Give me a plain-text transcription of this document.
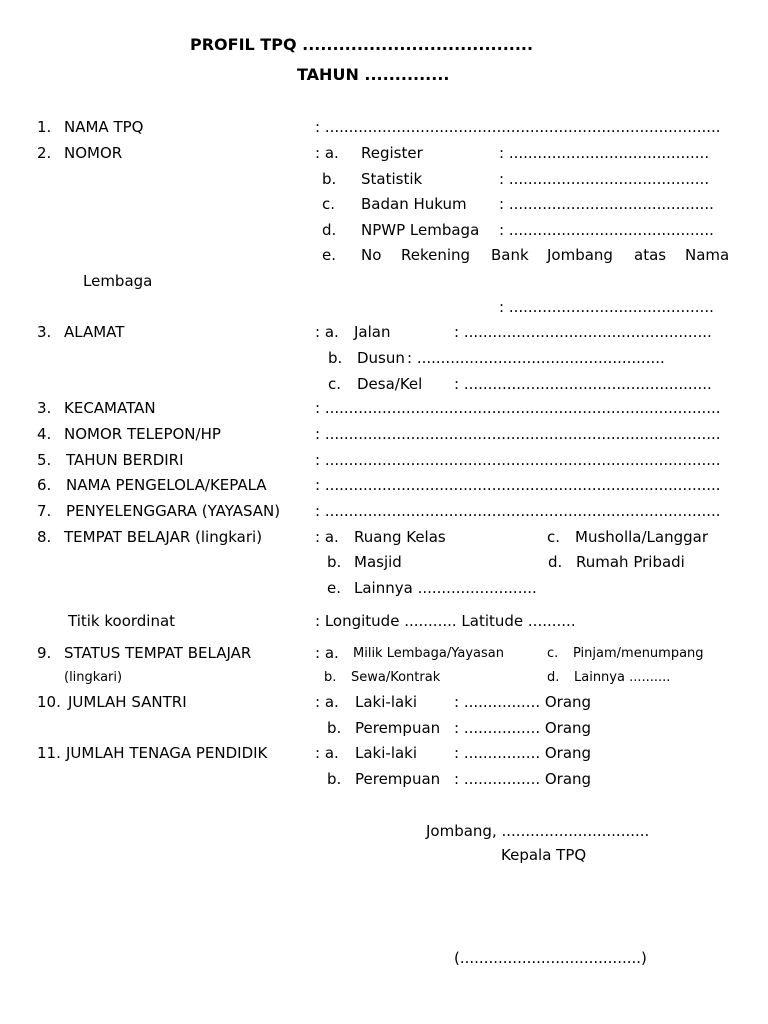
PROFIL TPQ ......................................
TAHUN ..............
1. NAMA TPQ	: ...................................................................................
2. NOMOR	: a. Register	: ..........................................
b. Statistik	: ..........................................
c. Badan Hukum : ...........................................
d. NPWP Lembaga : ...........................................
e. No Rekening Bank Jombang atas Nama
Lembaga
: ...........................................
3. ALAMAT	: a. Jalan	: ....................................................
b. Dusun : ....................................................
c. Desa/Kel : ....................................................
3. KECAMATAN	: ...................................................................................
4. NOMOR TELEPON/HP	: ...................................................................................
5. TAHUN BERDIRI	: ...................................................................................
6. NAMA PENGELOLA/KEPALA	: ...................................................................................
7. PENYELENGGARA (YAYASAN) : ...................................................................................
8. TEMPAT BELAJAR (lingkari)	: a. Ruang Kelas	c. Musholla/Langgar
b. Masjid	d. Rumah Pribadi
e. Lainnya .........................
Titik koordinat	: Longitude ........... Latitude ..........
9. STATUS TEMPAT BELAJAR	: a. Milik Lembaga/Yayasan	c. Pinjam/menumpang
(lingkari)	b. Sewa/Kontrak	d. Lainnya ..........
10. JUMLAH SANTRI	: a. Laki-laki : ................ Orang
b. Perempuan : ................ Orang
11. JUMLAH TENAGA PENDIDIK	: a. Laki-laki : ................ Orang
b. Perempuan : ................ Orang
Jombang, ...............................
Kepala TPQ
(......................................)
